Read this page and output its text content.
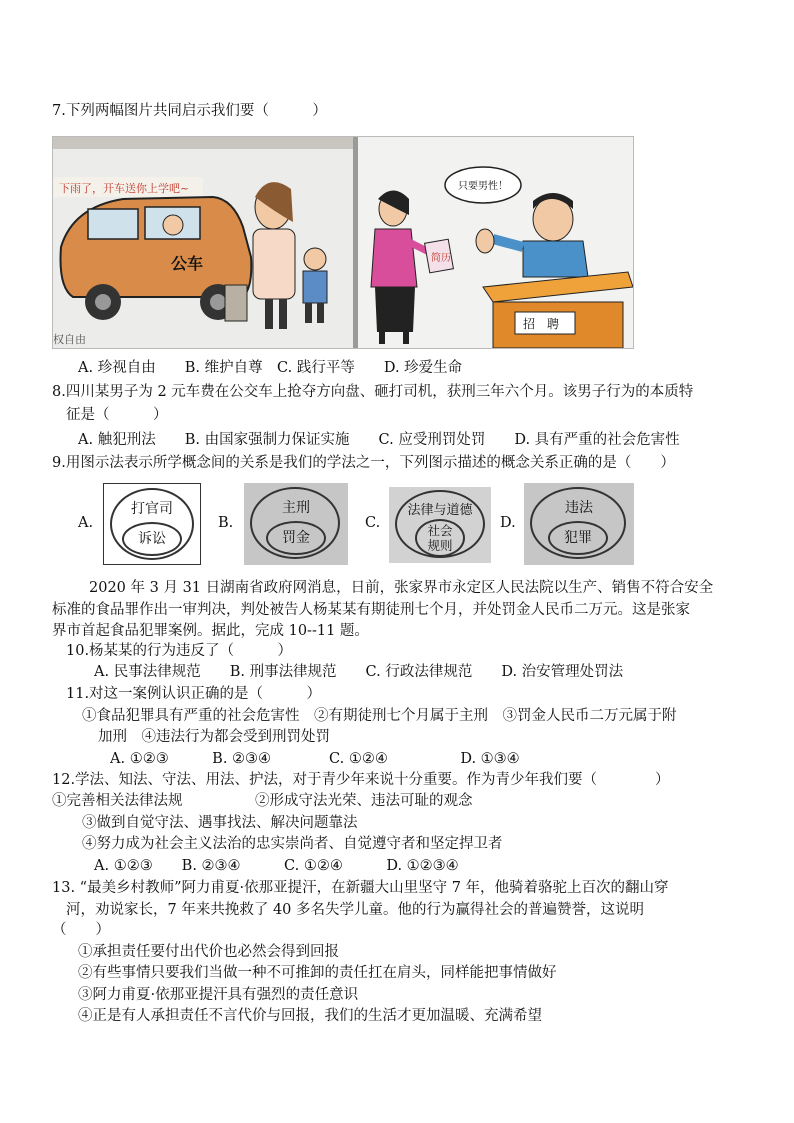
7.下列两幅图片共同启示我们要（　　　）
下雨了，开车送你上学吧~
公车
权自由
简历
只要男性！
招　聘
A. 珍视自由　　B. 维护自尊　C. 践行平等　　D. 珍爱生命
8.四川某男子为 2 元车费在公交车上抢夺方向盘、砸打司机，获刑三年六个月。该男子行为的本质特
征是（　　　）
A. 触犯刑法　　B. 由国家强制力保证实施　　C. 应受刑罚处罚　　D. 具有严重的社会危害性
9.用图示法表示所学概念间的关系是我们的学法之一，下列图示描述的概念关系正确的是（　　）
A.
打官司
诉讼
B.
主刑
罚金
C.
法律与道德
社会规则
D.
违法
犯罪
2020 年 3 月 31 日湖南省政府网消息，日前，张家界市永定区人民法院以生产、销售不符合安全
标准的食品罪作出一审判决，判处被告人杨某某有期徒刑七个月，并处罚金人民币二万元。这是张家
界市首起食品犯罪案例。据此，完成 10--11 题。
10.杨某某的行为违反了（　　　）
A. 民事法律规范　　B. 刑事法律规范　　C. 行政法律规范　　D. 治安管理处罚法
11.对这一案例认识正确的是（　　　）
①食品犯罪具有严重的社会危害性　②有期徒刑七个月属于主刑　③罚金人民币二万元属于附
加刑　④违法行为都会受到刑罚处罚
A. ①②③　　　B. ②③④　　　　C. ①②④　　　　　D. ①③④
12.学法、知法、守法、用法、护法，对于青少年来说十分重要。作为青少年我们要（　　　　）
①完善相关法律法规　　　　　②形成守法光荣、违法可耻的观念
③做到自觉守法、遇事找法、解决问题靠法
④努力成为社会主义法治的忠实崇尚者、自觉遵守者和坚定捍卫者
A. ①②③　　B. ②③④　　　C. ①②④　　　D. ①②③④
13. “最美乡村教师”阿力甫夏·依那亚提汗，在新疆大山里坚守 7 年，他骑着骆驼上百次的翻山穿
河，劝说家长，7 年来共挽救了 40 多名失学儿童。他的行为赢得社会的普遍赞誉，这说明
（　　）
①承担责任要付出代价也必然会得到回报
②有些事情只要我们当做一种不可推卸的责任扛在肩头，同样能把事情做好
③阿力甫夏·依那亚提汗具有强烈的责任意识
④正是有人承担责任不言代价与回报，我们的生活才更加温暖、充满希望
